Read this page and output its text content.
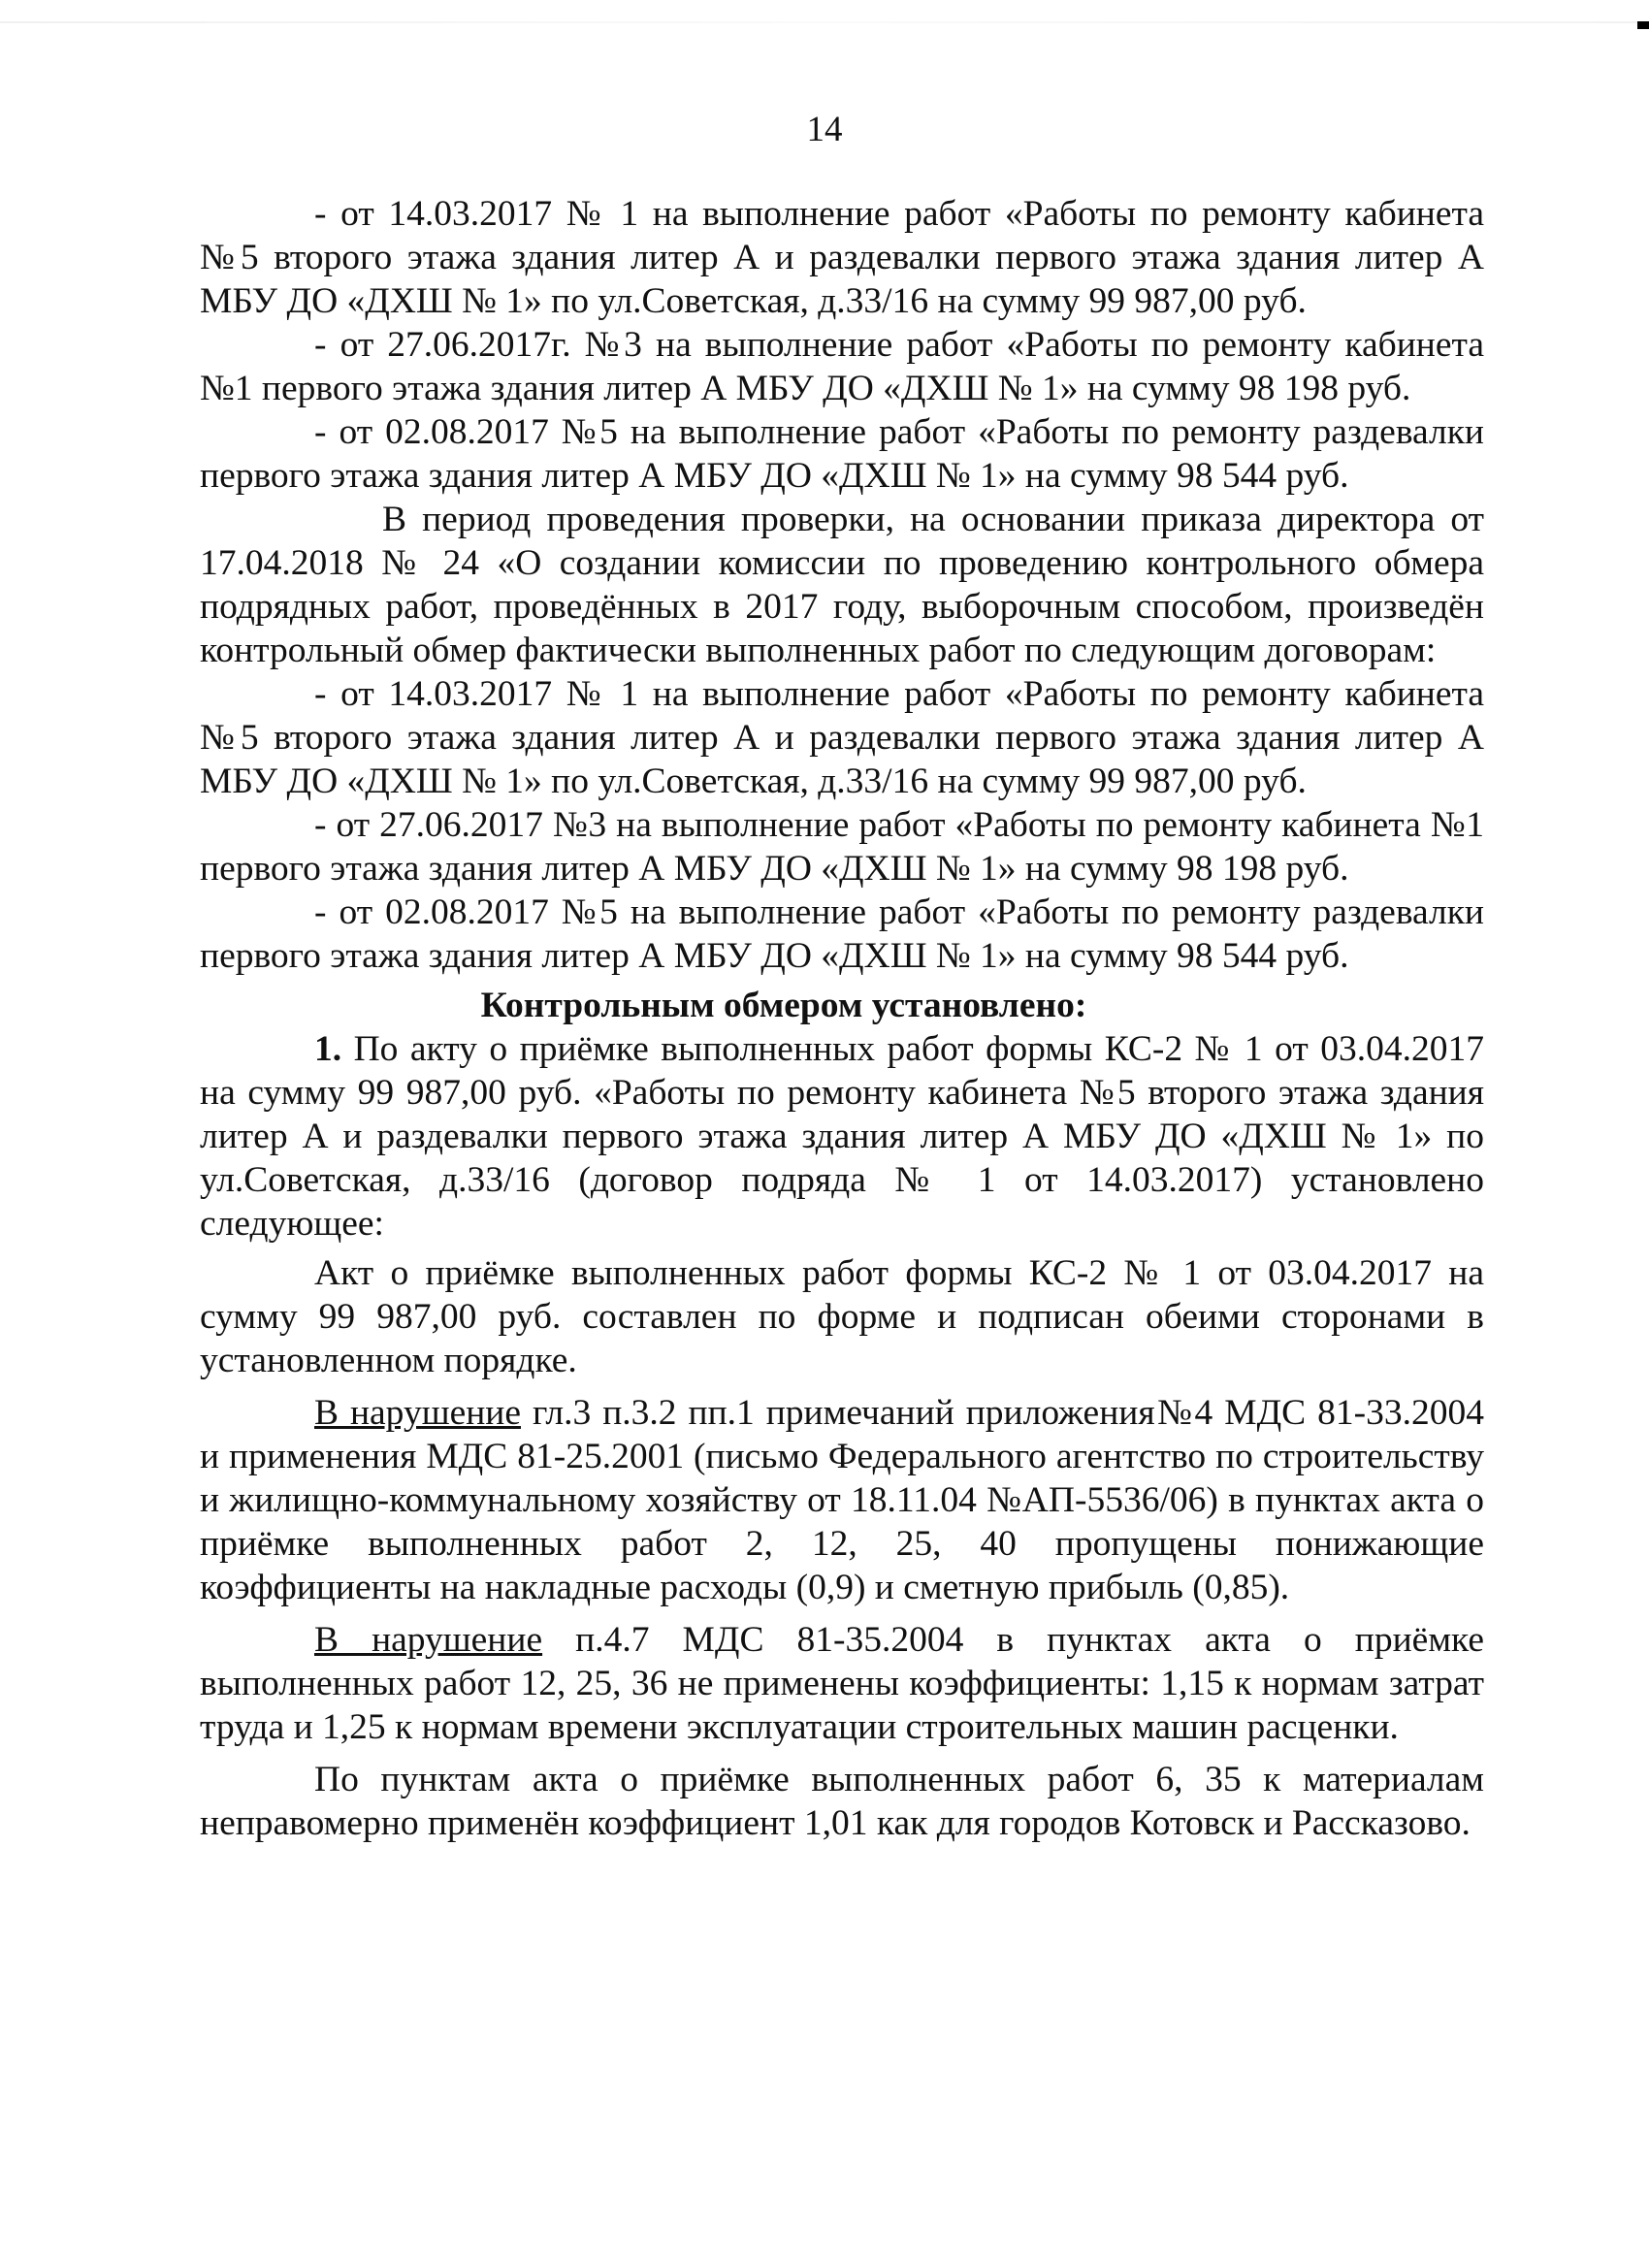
14

- от 14.03.2017 № 1 на выполнение работ «Работы по ремонту кабинета №5 второго этажа здания литер А и раздевалки первого этажа здания литер А МБУ ДО «ДХШ № 1» по ул.Советская, д.33/16 на сумму 99 987,00 руб.

- от 27.06.2017г. №3 на выполнение работ «Работы по ремонту кабинета №1 первого этажа здания литер А МБУ ДО «ДХШ № 1» на сумму 98 198 руб.

- от 02.08.2017 №5 на выполнение работ «Работы по ремонту раздевалки первого этажа здания литер А МБУ ДО «ДХШ № 1» на сумму 98 544 руб.

В период проведения проверки, на основании приказа директора от 17.04.2018 № 24 «О создании комиссии по проведению контрольного обмера подрядных работ, проведённых в 2017 году, выборочным способом, произведён контрольный обмер фактически выполненных работ по следующим договорам:

- от 14.03.2017 № 1 на выполнение работ «Работы по ремонту кабинета №5 второго этажа здания литер А и раздевалки первого этажа здания литер А МБУ ДО «ДХШ № 1» по ул.Советская, д.33/16 на сумму 99 987,00 руб.

- от 27.06.2017 №3 на выполнение работ «Работы по ремонту кабинета №1 первого этажа здания литер А МБУ ДО «ДХШ № 1» на сумму 98 198 руб.

- от 02.08.2017 №5 на выполнение работ «Работы по ремонту раздевалки первого этажа здания литер А МБУ ДО «ДХШ № 1» на сумму 98 544 руб.

Контрольным обмером установлено:

1. По акту о приёмке выполненных работ формы КС-2 № 1 от 03.04.2017 на сумму 99 987,00 руб. «Работы по ремонту кабинета №5 второго этажа здания литер А и раздевалки первого этажа здания литер А МБУ ДО «ДХШ № 1» по ул.Советская, д.33/16 (договор подряда № 1 от 14.03.2017) установлено следующее:

Акт о приёмке выполненных работ формы КС-2 № 1 от 03.04.2017 на сумму 99 987,00 руб. составлен по форме и подписан обеими сторонами в установленном порядке.

В нарушение гл.3 п.3.2 пп.1 примечаний приложения№4 МДС 81-33.2004 и применения МДС 81-25.2001 (письмо Федерального агентство по строительству и жилищно-коммунальному хозяйству от 18.11.04 №АП-5536/06) в пунктах акта о приёмке выполненных работ 2, 12, 25, 40 пропущены понижающие коэффициенты на накладные расходы (0,9) и сметную прибыль (0,85).

В нарушение п.4.7 МДС 81-35.2004 в пунктах акта о приёмке выполненных работ 12, 25, 36 не применены коэффициенты: 1,15 к нормам затрат труда и 1,25 к нормам времени эксплуатации строительных машин расценки.

По пунктам акта о приёмке выполненных работ 6, 35 к материалам неправомерно применён коэффициент 1,01 как для городов Котовск и Рассказово.
